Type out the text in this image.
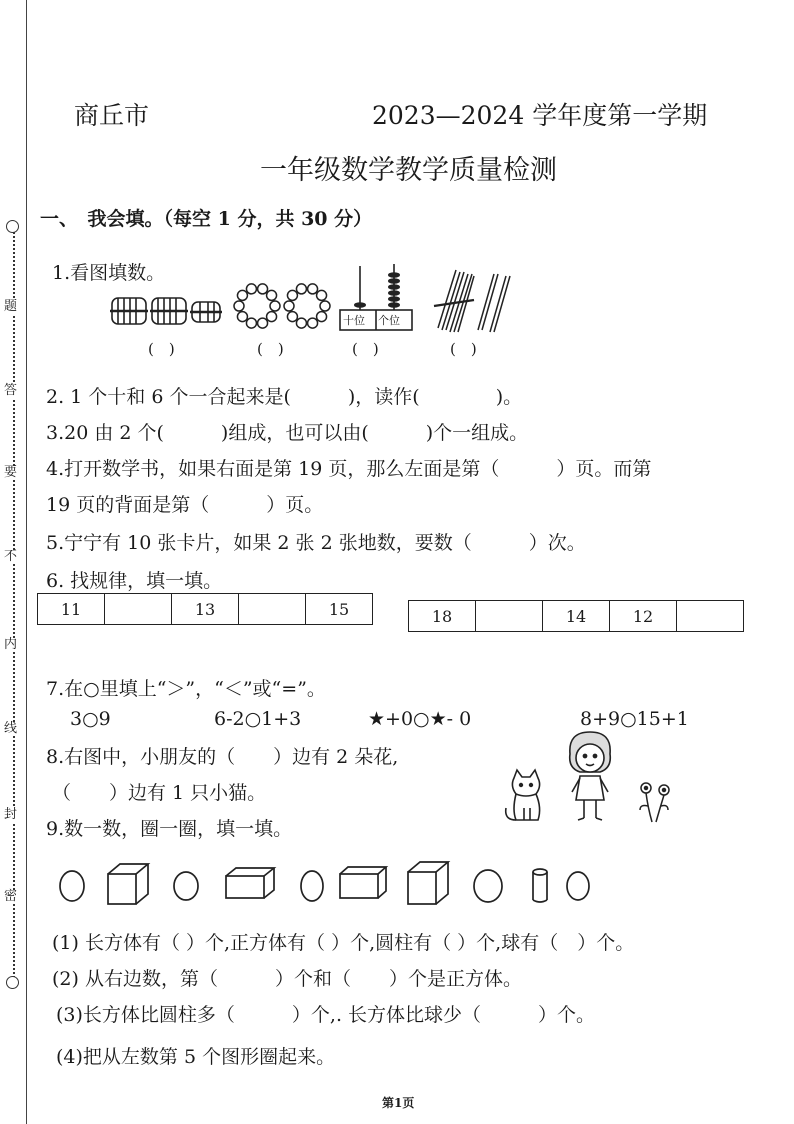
题
答
要
不
内
线
封
密
商丘市	2023—2024 学年度第一学期
一年级数学教学质量检测
一、　我会填。（每空 1 分，共 30 分）
1.看图填数。
十位 个位
(　)	(　)	(　)	(　)
2. 1 个十和 6 个一合起来是(　　　)，读作(　　　　)。
3.20 由 2 个(　　　)组成，也可以由(　　　)个一组成。
4.打开数学书，如果右面是第 19 页，那么左面是第（　　　）页。而第
19 页的背面是第（　　　）页。
5.宁宁有 10 张卡片，如果 2 张 2 张地数，要数（　　　）次。
6. 找规律，填一填。
11		13		15	18		14	12	
7.在○里填上“＞”，“＜”或“=”。
3○9	6-2○1+3	★+0○★- 0	8+9○15+1
8.右图中，小朋友的（　　）边有 2 朵花,
（　　）边有 1 只小猫。
9.数一数，圈一圈，填一填。
(1) 长方体有（ ）个,正方体有（ ）个,圆柱有（ ）个,球有（　）个。
(2) 从右边数，第（　　　）个和（　　）个是正方体。
(3)长方体比圆柱多（　　　）个,. 长方体比球少（　　　）个。
(4)把从左数第 5 个图形圈起来。
第1页
